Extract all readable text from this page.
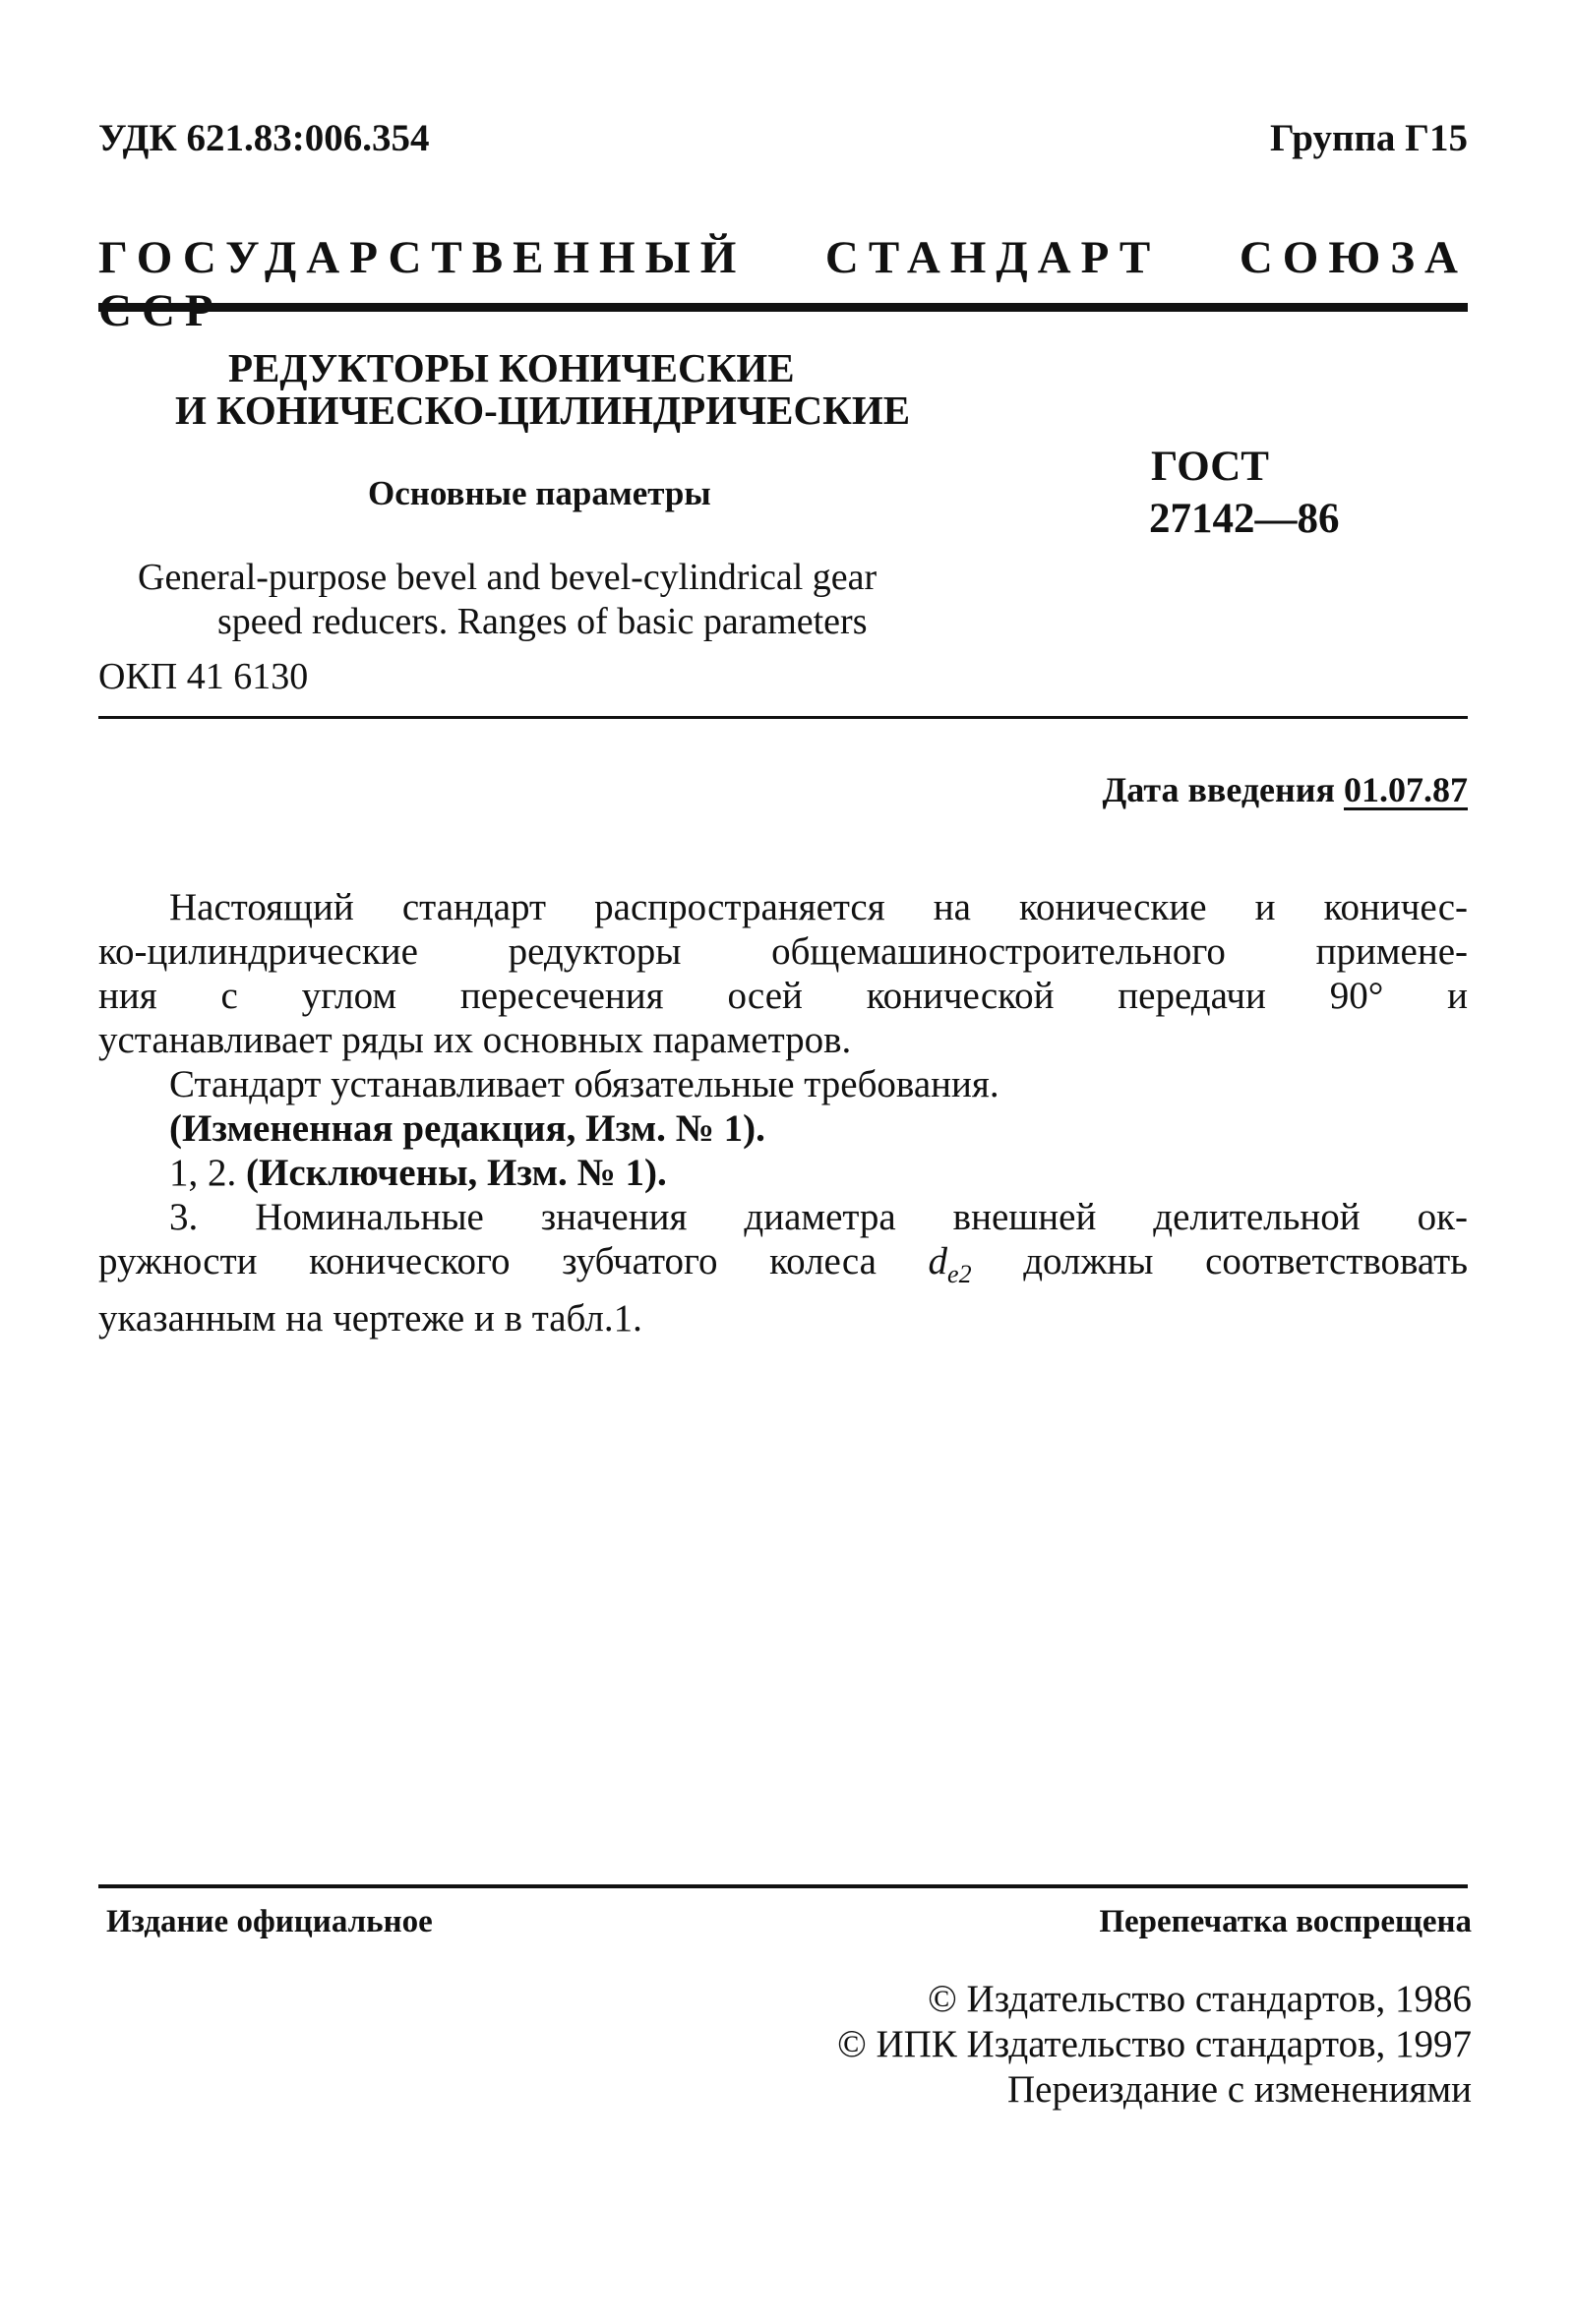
УДК 621.83:006.354	Группа Г15
ГОСУДАРСТВЕННЫЙ СТАНДАРТ СОЮЗА
РЕДУКТОРЫ КОНИЧЕСКИЕ
И КОНИЧЕСКО-ЦИЛИНДРИЧЕСКИЕ
Основные параметры
ГОСТ
27142—86
General-purpose bevel and bevel-cylindrical gear
speed reducers. Ranges of basic parameters
ОКП 41 6130
Дата введения 01.07.87

Настоящий стандарт распространяется на конические и коничес-

ко-цилиндрические редукторы общемашиностроительного примене-

ния с углом пересечения осей конической передачи 90° и

устанавливает ряды их основных параметров.

Стандарт устанавливает обязательные требования.

(Измененная редакция, Изм. № 1).

1, 2. (Исключены, Изм. № 1).

3. Номинальные значения диаметра внешней делительной ок-

ружности конического зубчатого колеса $d_{e2}$ должны соответствовать

указанным на чертеже и в табл.1.

Издание официальное	Перепечатка воспрещена
© Издательство стандартов, 1986
© ИПК Издательство стандартов, 1997
Переиздание с изменениями
